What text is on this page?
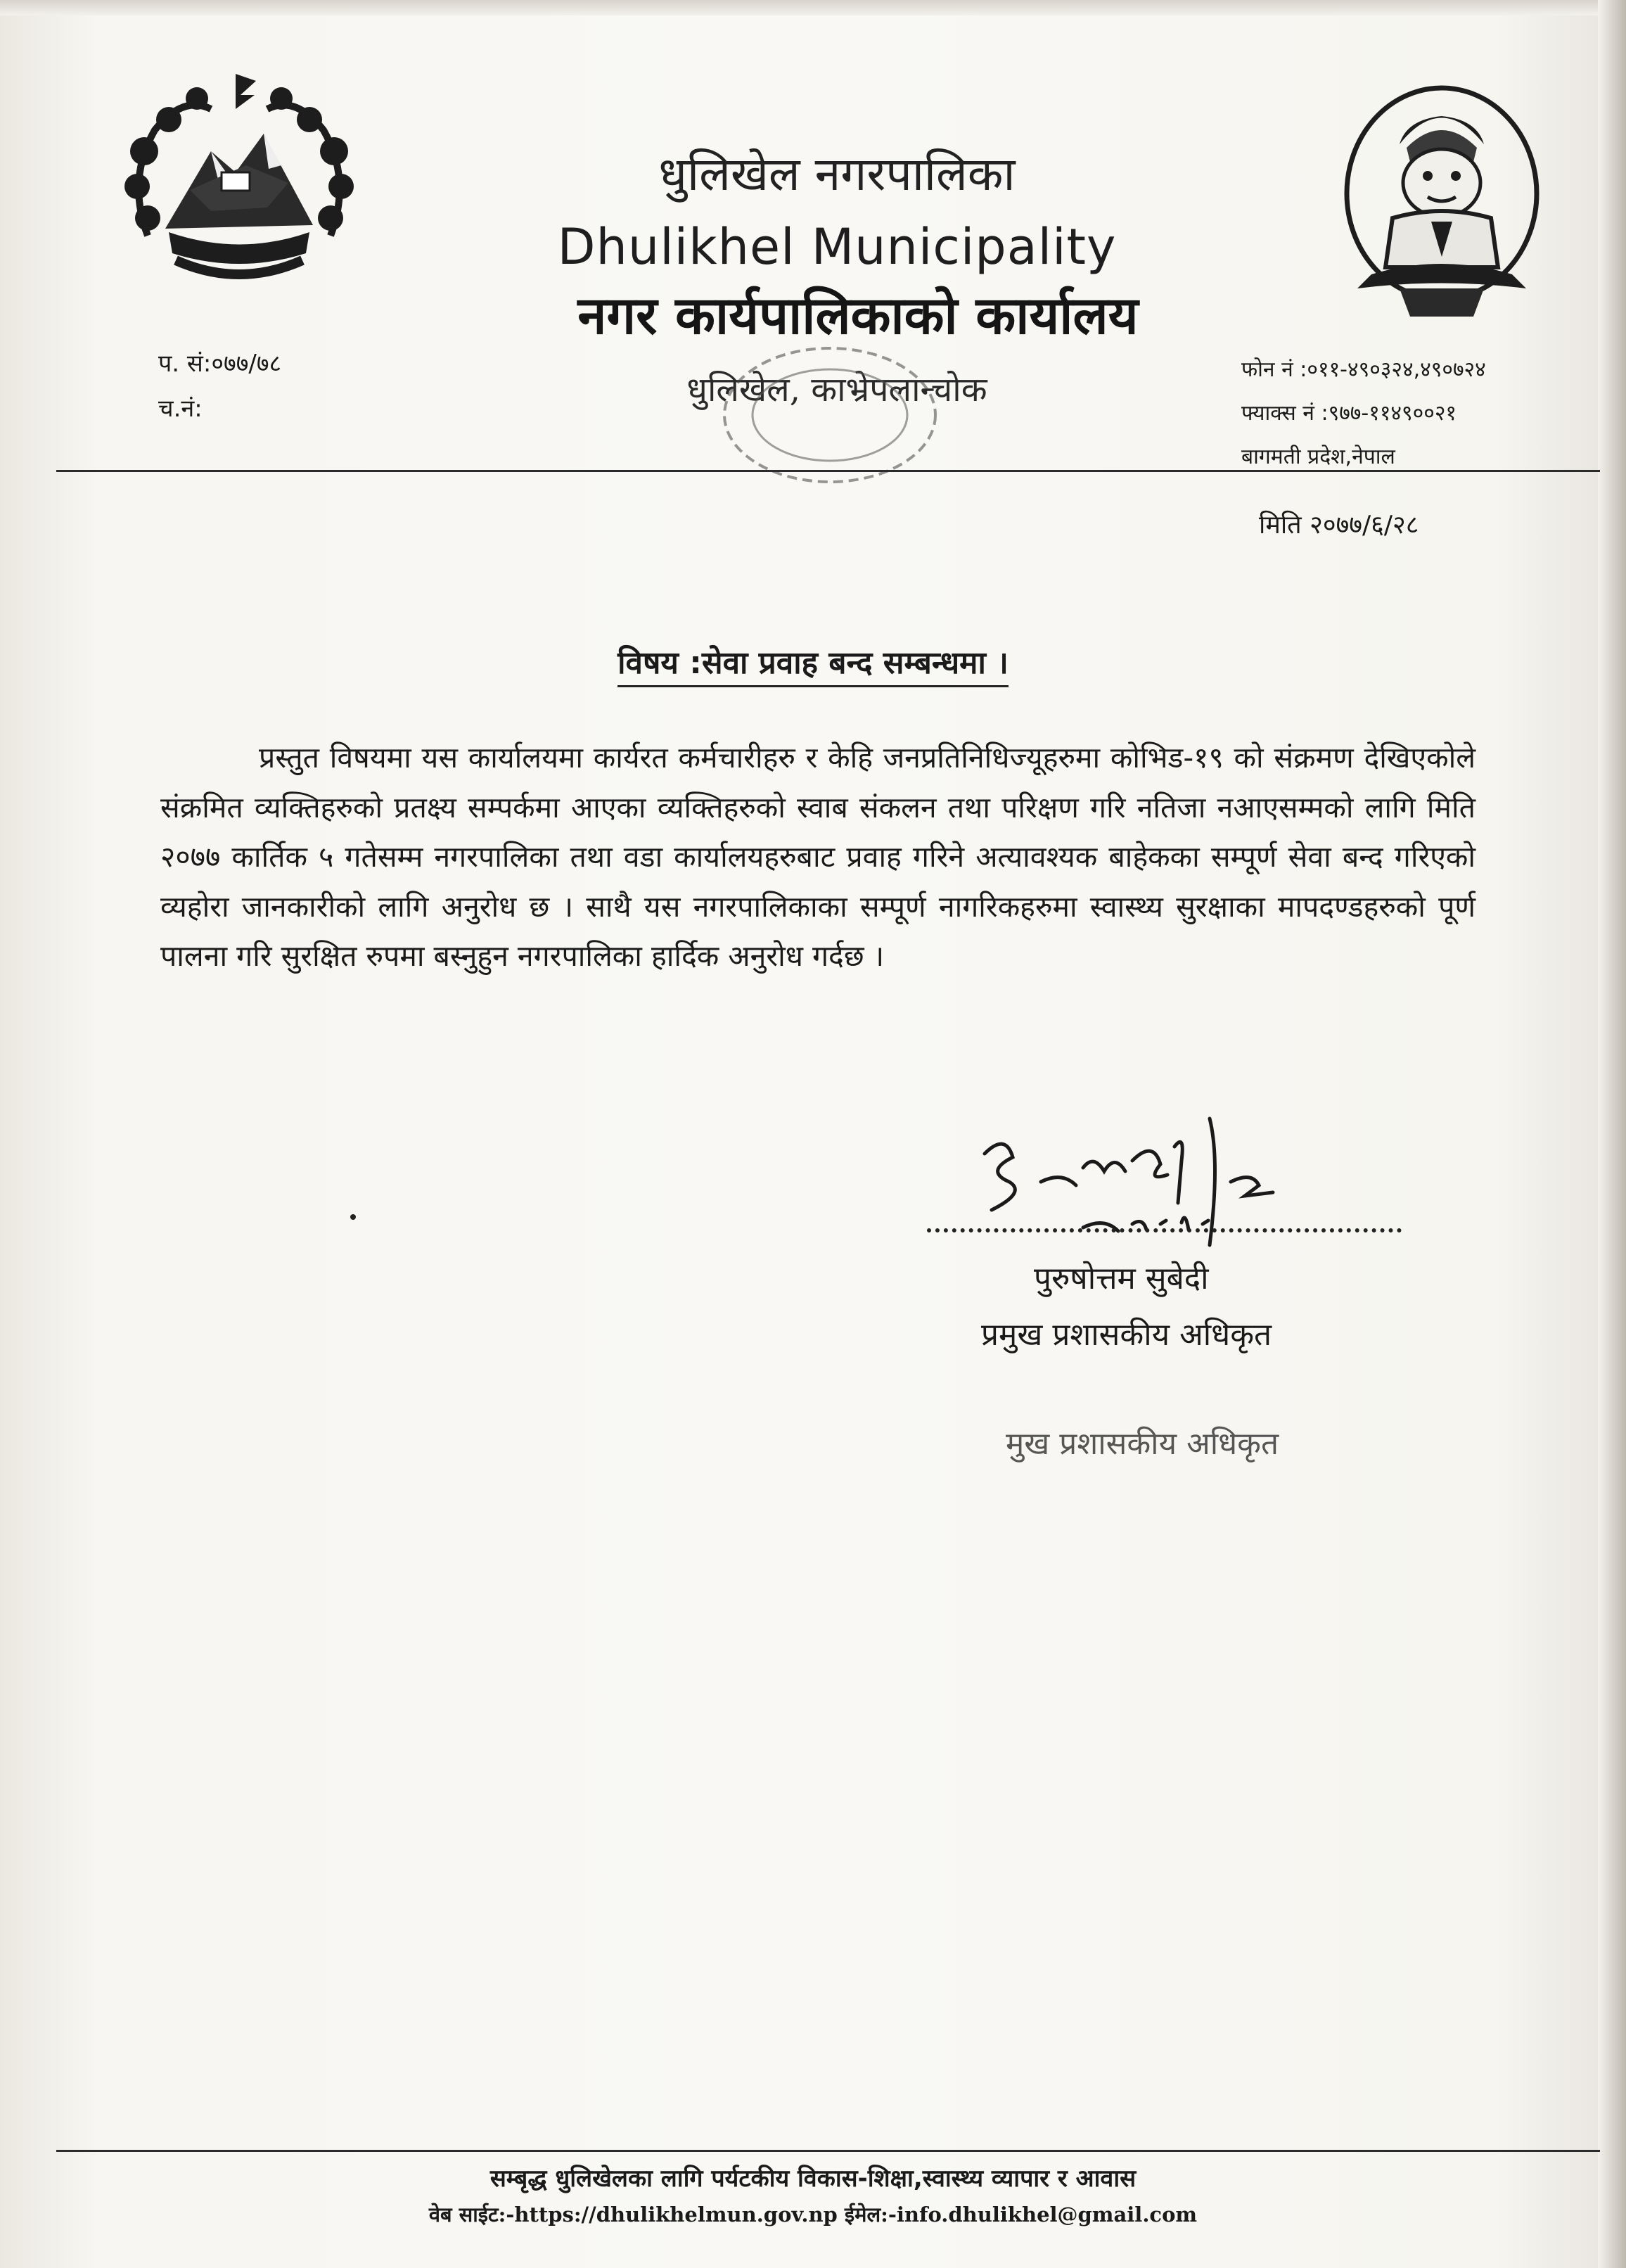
धुलिखेल नगरपालिका
Dhulikhel Municipality
नगर कार्यपालिकाको कार्यालय
धुलिखेल, काभ्रेपलान्चोक
प. सं:०७७/७८
च.नं:
फोन नं :०११-४९०३२४,४९०७२४
फ्याक्स नं :९७७-११४९००२१
बागमती प्रदेश,नेपाल
मिति २०७७/६/२८
विषय :सेवा प्रवाह बन्द सम्बन्धमा ।
प्रस्तुत विषयमा यस कार्यालयमा कार्यरत कर्मचारीहरु र केहि जनप्रतिनिधिज्यूहरुमा कोभिड-१९ को संक्रमण देखिएकोले संक्रमित व्यक्तिहरुको प्रतक्ष्य सम्पर्कमा आएका व्यक्तिहरुको स्वाब संकलन तथा परिक्षण गरि नतिजा नआएसम्मको लागि मिति २०७७ कार्तिक ५ गतेसम्म नगरपालिका तथा वडा कार्यालयहरुबाट प्रवाह गरिने अत्यावश्यक बाहेकका सम्पूर्ण सेवा बन्द गरिएको व्यहोरा जानकारीको लागि अनुरोध छ । साथै यस नगरपालिकाका सम्पूर्ण नागरिकहरुमा स्वास्थ्य सुरक्षाका मापदण्डहरुको पूर्ण पालना गरि सुरक्षित रुपमा बस्नुहुन नगरपालिका हार्दिक अनुरोध गर्दछ ।
पुरुषोत्तम सुबेदी
प्रमुख प्रशासकीय अधिकृत
मुख प्रशासकीय अधिकृत
सम्बृद्ध धुलिखेलका लागि पर्यटकीय विकास-शिक्षा,स्वास्थ्य व्यापार र आवास
वेब साईट:-https://dhulikhelmun.gov.np ईमेल:-info.dhulikhel@gmail.com
